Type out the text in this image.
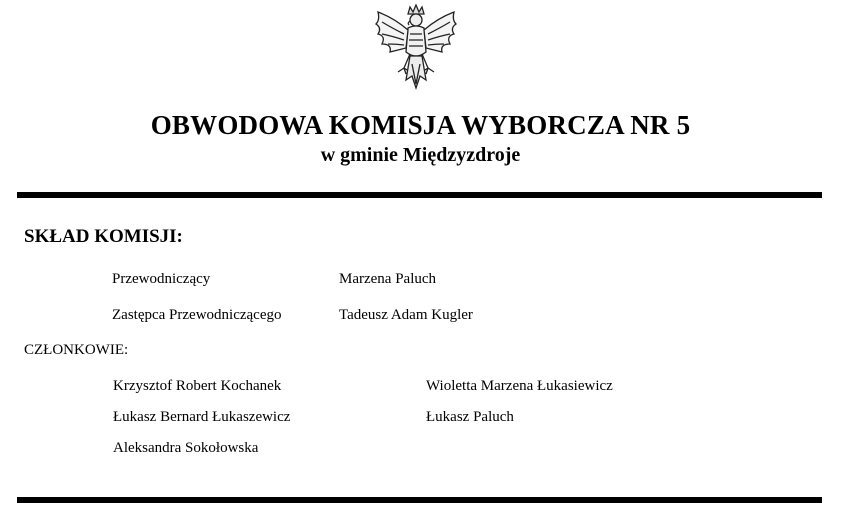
OBWODOWA KOMISJA WYBORCZA NR 5
w gminie Międzyzdroje
SKŁAD KOMISJI:
Przewodniczący	Marzena Paluch
Zastępca Przewodniczącego	Tadeusz Adam Kugler
CZŁONKOWIE:
Krzysztof Robert Kochanek	Wioletta Marzena Łukasiewicz
Łukasz Bernard Łukaszewicz	Łukasz Paluch
Aleksandra Sokołowska
